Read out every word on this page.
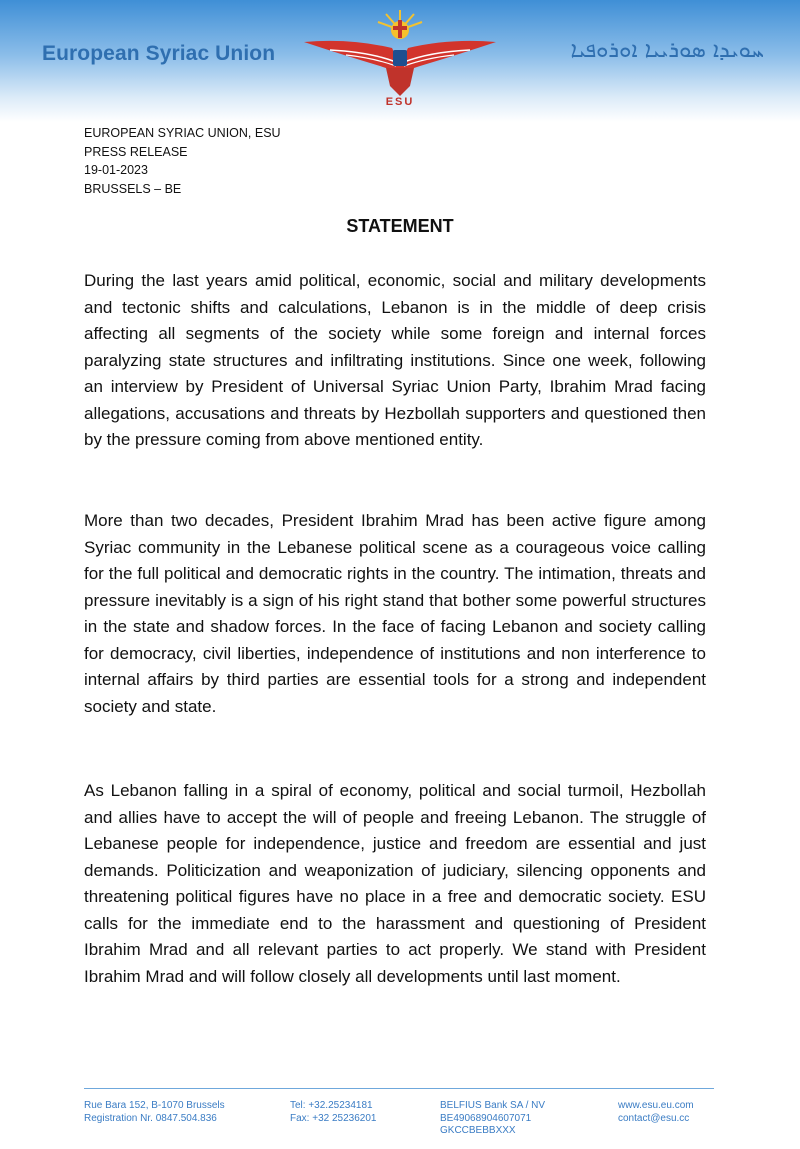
European Syriac Union
ESU
ܚܘܝܕܐ ܣܘܪܝܝܐ ܐܘܪܘܦܝܐ
EUROPEAN SYRIAC UNION, ESU
PRESS RELEASE
19-01-2023
BRUSSELS – BE
STATEMENT
During the last years amid political, economic, social and military developments and tectonic shifts and calculations, Lebanon is in the middle of deep crisis affecting all segments of the society while some foreign and internal forces paralyzing state structures and infiltrating institutions. Since one week, following an interview by President of Universal Syriac Union Party, Ibrahim Mrad facing allegations, accusations and threats by Hezbollah supporters and questioned then by the pressure coming from above mentioned entity.
More than two decades, President Ibrahim Mrad has been active figure among Syriac community in the Lebanese political scene as a courageous voice calling for the full political and democratic rights in the country. The intimation, threats and pressure inevitably is a sign of his right stand that bother some powerful structures in the state and shadow forces. In the face of facing Lebanon and society calling for democracy, civil liberties, independence of institutions and non interference to internal affairs by third parties are essential tools for a strong and independent society and state.
As Lebanon falling in a spiral of economy, political and social turmoil, Hezbollah and allies have to accept the will of people and freeing Lebanon. The struggle of Lebanese people for independence, justice and freedom are essential and just demands. Politicization and weaponization of judiciary, silencing opponents and threatening political figures have no place in a free and democratic society. ESU calls for the immediate end to the harassment and questioning of President Ibrahim Mrad and all relevant parties to act properly. We stand with President Ibrahim Mrad and will follow closely all developments until last moment.
Rue Bara 152, B-1070 Brussels
Registration Nr. 0847.504.836
Tel: +32.25234181
Fax: +32 25236201
BELFIUS Bank SA / NV
BE49068904607071
GKCCBEBBXXX
www.esu.eu.com
contact@esu.cc
